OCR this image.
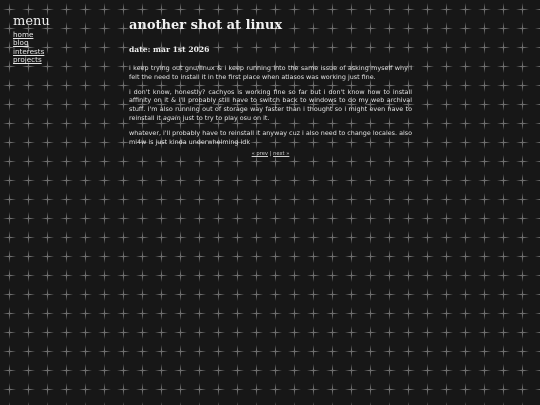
menu
home
blog
interests
projects
another shot at linux
date: mar 1st 2026

i keep trying out gnu/linux & i keep running into the same issue of asking myself why i felt the need to install it in the first place when atlasos was working just fine.

i don't know, honestly? cachyos is working fine so far but i don't know how to install affinity on it & i'll probably still have to switch back to windows to do my web archival stuff. i'm also running out of storage way faster than i thought so i might even have to reinstall it again just to try to play osu on it.

whatever, i'll probably have to reinstall it anyway cuz i also need to change locales. also mi4w is just kinda underwhelming idk

« prev | next »
